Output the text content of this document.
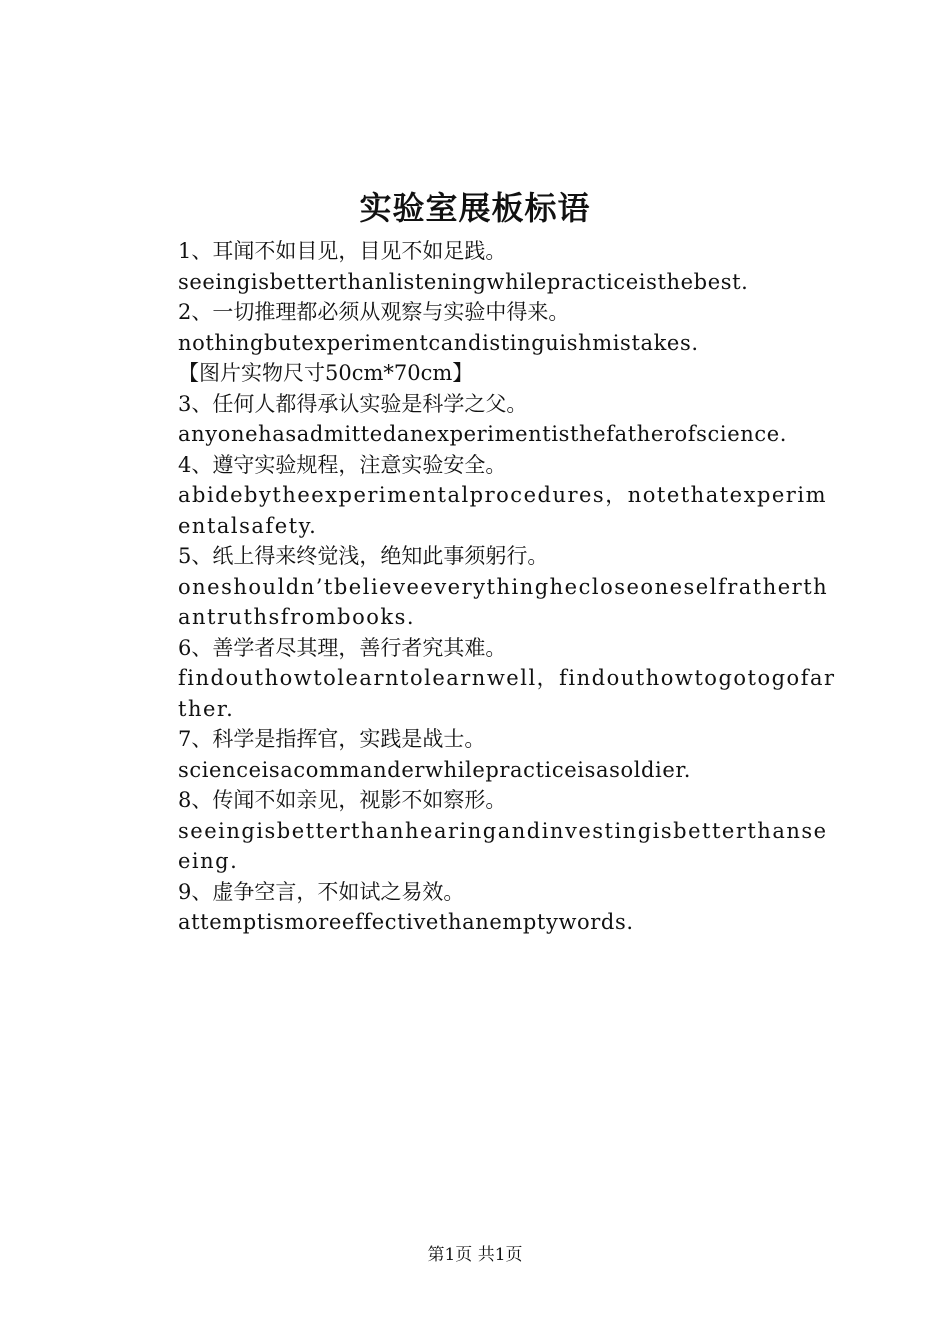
实验室展板标语
1、耳闻不如目见，目见不如足践。
seeingisbetterthanlisteningwhilepracticeisthebest.
2、一切推理都必须从观察与实验中得来。
nothingbutexperimentcandistinguishmistakes.
【图片实物尺寸50cm*70cm】
3、任何人都得承认实验是科学之父。
anyonehasadmittedanexperimentisthefatherofscience.
4、遵守实验规程，注意实验安全。
abidebytheexperimentalprocedures，notethatexperimentalsafety.
5、纸上得来终觉浅，绝知此事须躬行。
oneshouldn’tbelieveeverythinghecloseoneselfratherthantruthsfrombooks.
6、善学者尽其理，善行者究其难。
findouthowtolearntolearnwell，findouthowtogotogofarther.
7、科学是指挥官，实践是战士。
scienceisacommanderwhilepracticeisasoldier.
8、传闻不如亲见，视影不如察形。
seeingisbetterthanhearingandinvestingisbetterthanseeing.
9、虚争空言，不如试之易效。
attemptismoreeffectivethanemptywords.
第1页 共1页
